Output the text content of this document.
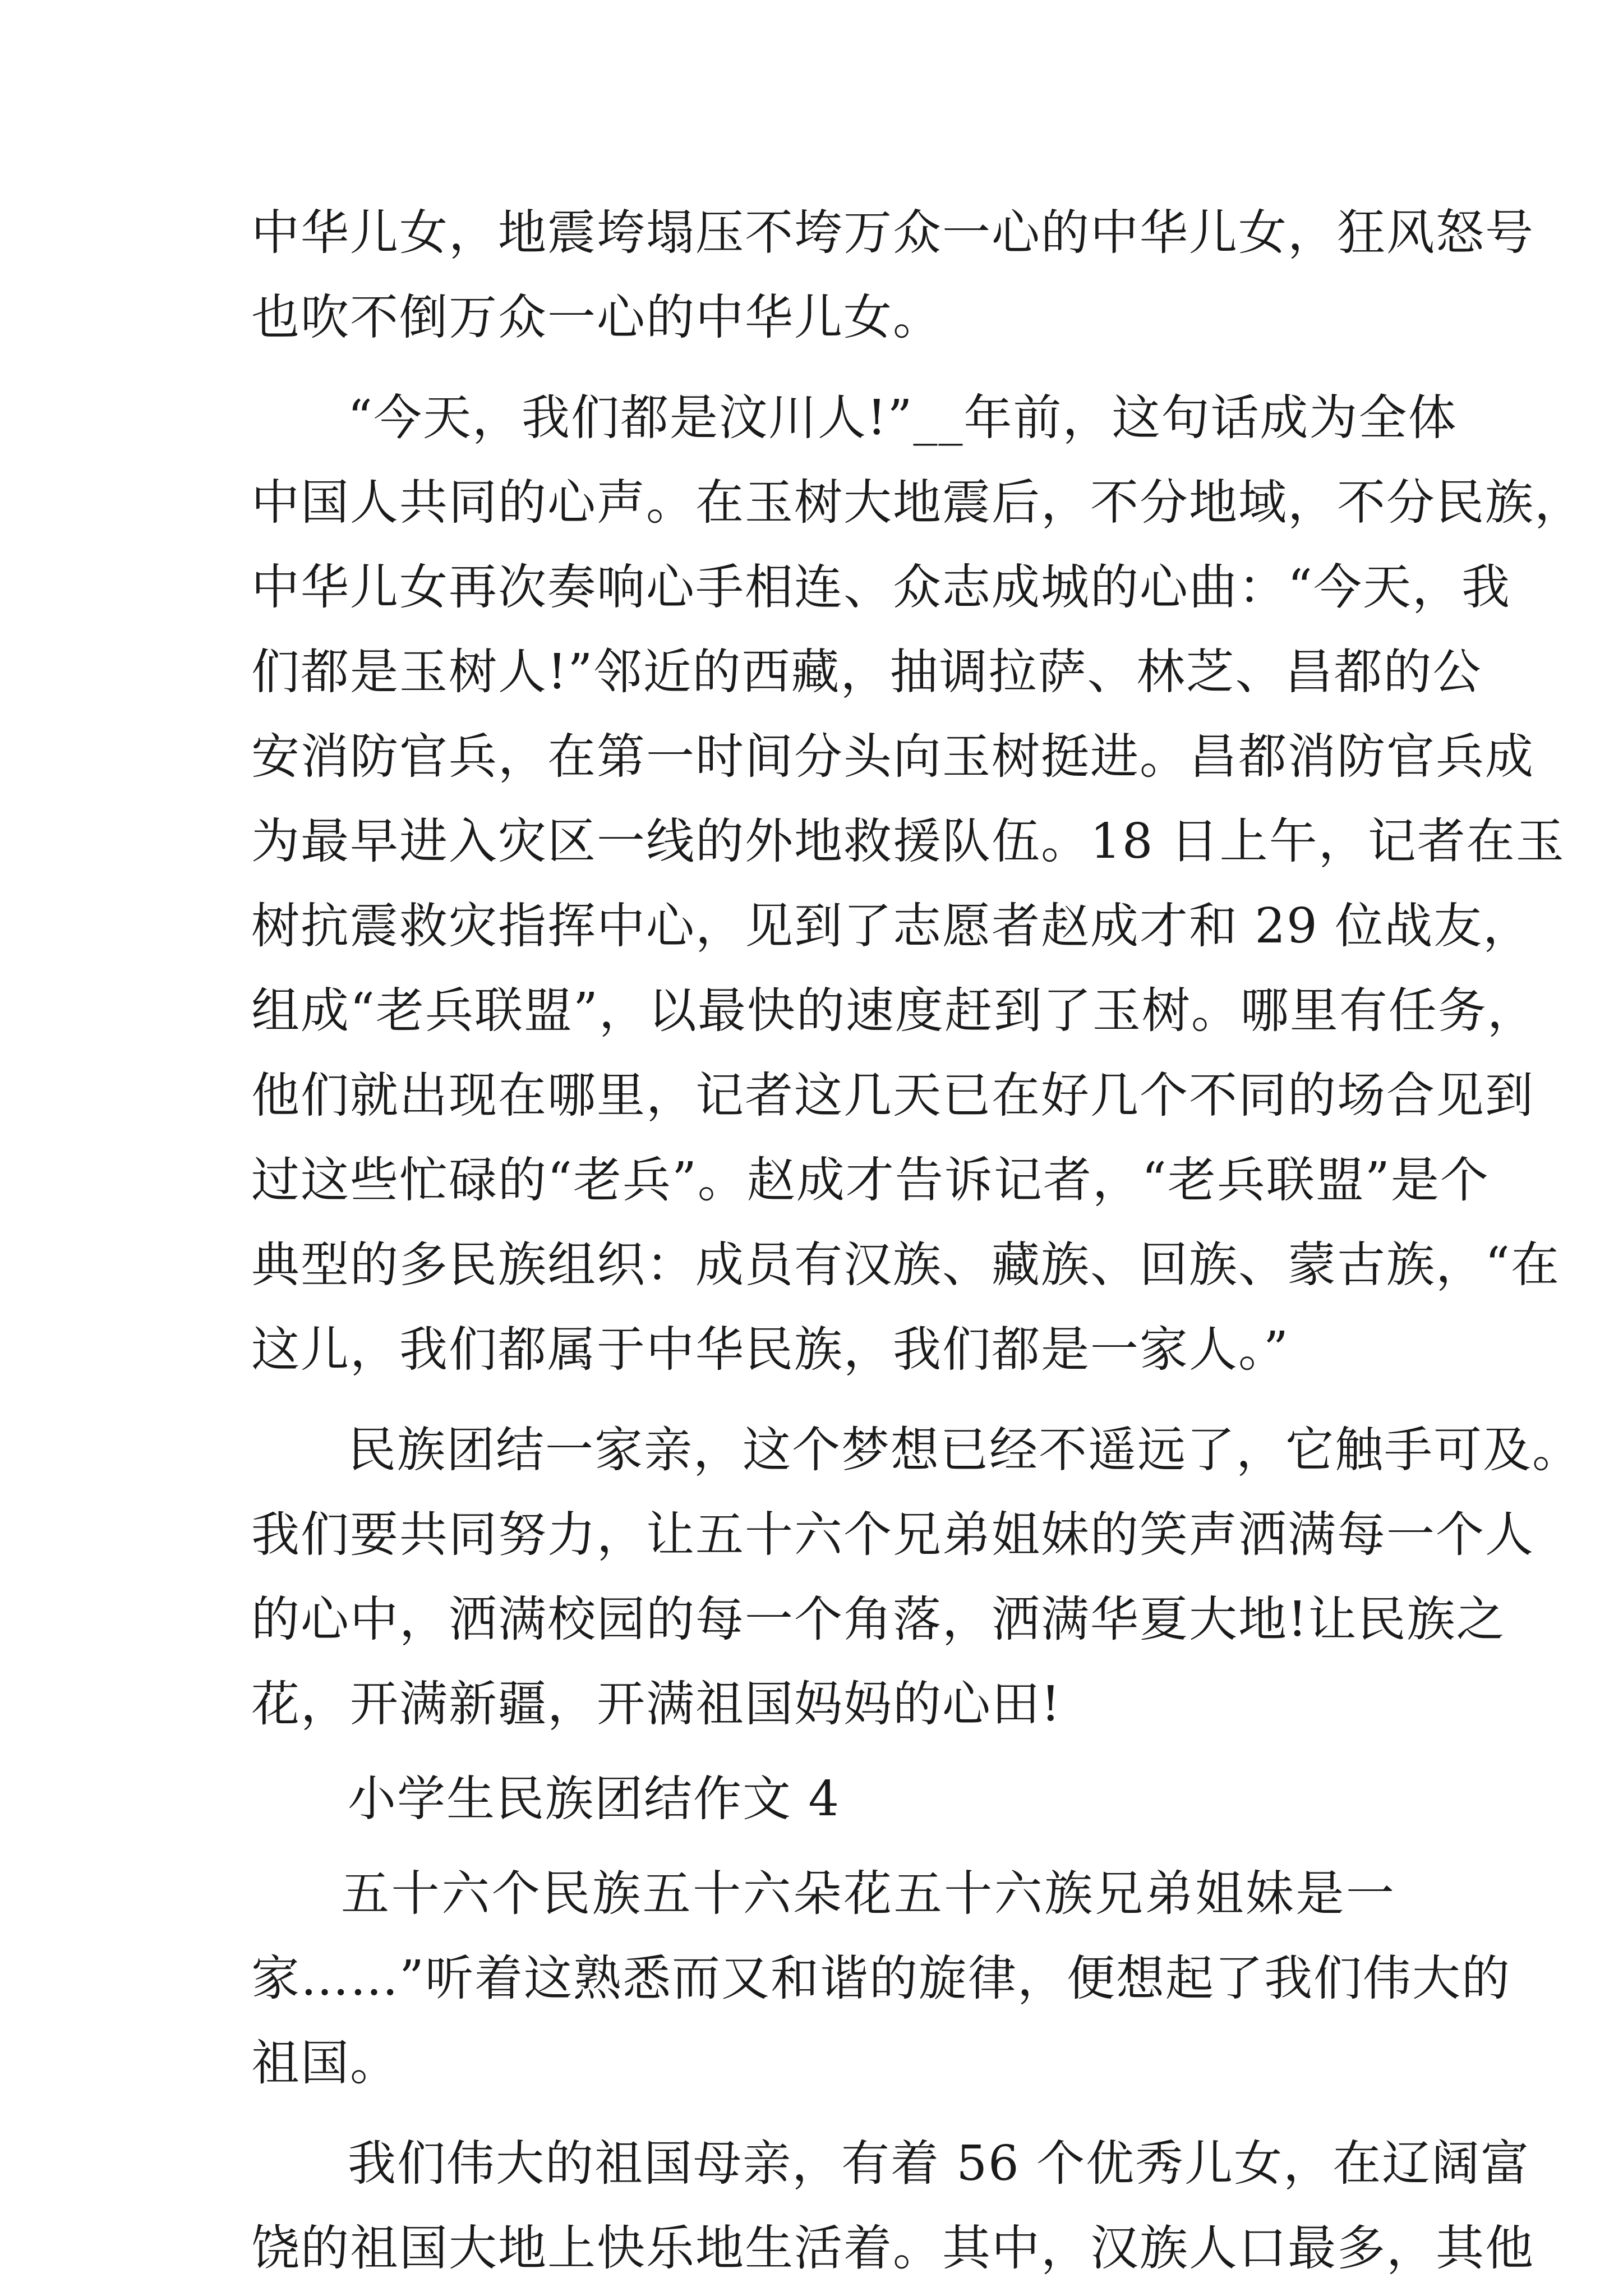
中华儿女，地震垮塌压不垮万众一心的中华儿女，狂风怒号
也吹不倒万众一心的中华儿女。
“今天，我们都是汶川人!”__年前，这句话成为全体
中国人共同的心声。在玉树大地震后，不分地域，不分民族，
中华儿女再次奏响心手相连、众志成城的心曲：“今天，我
们都是玉树人!”邻近的西藏，抽调拉萨、林芝、昌都的公
安消防官兵，在第一时间分头向玉树挺进。昌都消防官兵成
为最早进入灾区一线的外地救援队伍。18 日上午，记者在玉
树抗震救灾指挥中心，见到了志愿者赵成才和 29 位战友，
组成“老兵联盟”，以最快的速度赶到了玉树。哪里有任务，
他们就出现在哪里，记者这几天已在好几个不同的场合见到
过这些忙碌的“老兵”。赵成才告诉记者，“老兵联盟”是个
典型的多民族组织：成员有汉族、藏族、回族、蒙古族，“在
这儿，我们都属于中华民族，我们都是一家人。”
民族团结一家亲，这个梦想已经不遥远了，它触手可及。
我们要共同努力，让五十六个兄弟姐妹的笑声洒满每一个人
的心中，洒满校园的每一个角落，洒满华夏大地!让民族之
花，开满新疆，开满祖国妈妈的心田!
小学生民族团结作文 4
五十六个民族五十六朵花五十六族兄弟姐妹是一
家……”听着这熟悉而又和谐的旋律，便想起了我们伟大的
祖国。
我们伟大的祖国母亲，有着 56 个优秀儿女，在辽阔富
饶的祖国大地上快乐地生活着。其中，汉族人口最多，其他
